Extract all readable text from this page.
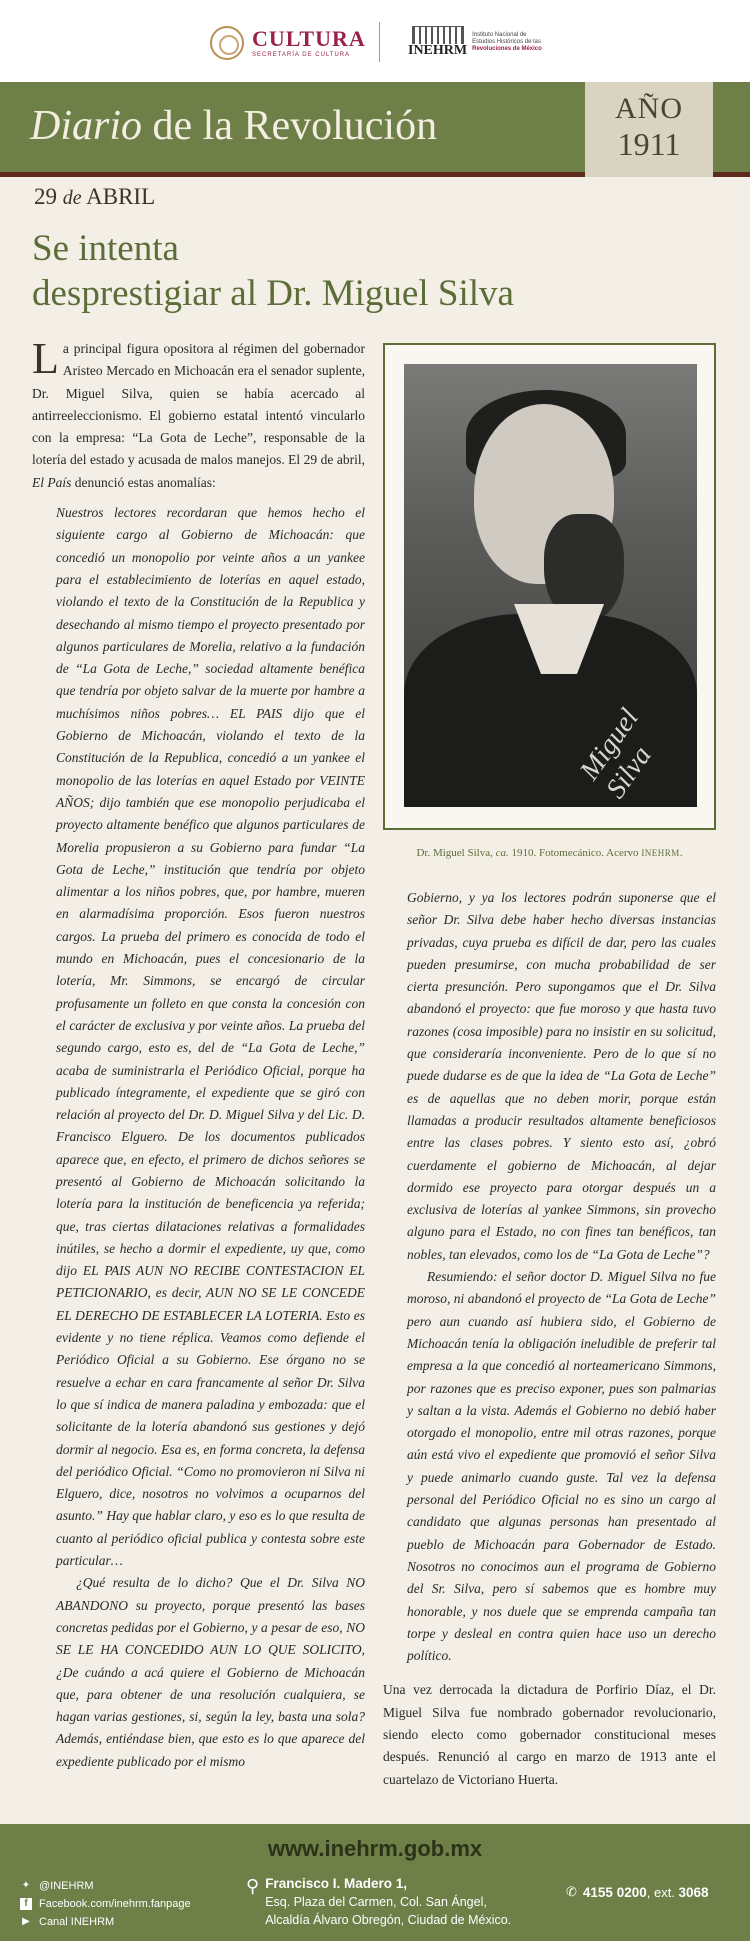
CULTURA
SECRETARÍA DE CULTURA	INEHRM
Instituto Nacional de
Estudios Históricos de las
Revoluciones de México
Diario de la Revolución	AÑO
1911
29 de ABRIL
Se intenta
desprestigiar al Dr. Miguel Silva

La principal figura opositora al régimen del gobernador Aristeo Mercado en Michoacán era el senador suplente, Dr. Miguel Silva, quien se había acercado al antirreeleccionismo. El gobierno estatal intentó vincularlo con la empresa: “La Gota de Leche”, responsable de la lotería del estado y acusada de malos manejos. El 29 de abril, El País denunció estas anomalías:

Nuestros lectores recordaran que hemos hecho el siguiente cargo al Gobierno de Michoacán: que concedió un monopolio por veinte años a un yankee para el establecimiento de loterías en aquel estado, violando el texto de la Constitución de la Republica y desechando al mismo tiempo el proyecto presentado por algunos particulares de Morelia, relativo a la fundación de “La Gota de Leche,” sociedad altamente benéfica que tendría por objeto salvar de la muerte por hambre a muchísimos niños pobres… EL PAIS dijo que el Gobierno de Michoacán, violando el texto de la Constitución de la Republica, concedió a un yankee el monopolio de las loterías en aquel Estado por VEINTE AÑOS; dijo también que ese monopolio perjudicaba el proyecto altamente benéfico que algunos particulares de Morelia propusieron a su Gobierno para fundar “La Gota de Leche,” institución que tendría por objeto alimentar a los niños pobres, que, por hambre, mueren en alarmadísima proporción. Esos fueron nuestros cargos. La prueba del primero es conocida de todo el mundo en Michoacán, pues el concesionario de la lotería, Mr. Simmons, se encargó de circular profusamente un folleto en que consta la concesión con el carácter de exclusiva y por veinte años. La prueba del segundo cargo, esto es, del de “La Gota de Leche,” acaba de suministrarla el Periódico Oficial, porque ha publicado íntegramente, el expediente que se giró con relación al proyecto del Dr. D. Miguel Silva y del Lic. D. Francisco Elguero. De los documentos publicados aparece que, en efecto, el primero de dichos señores se presentó al Gobierno de Michoacán solicitando la lotería para la institución de beneficencia ya referida; que, tras ciertas dilataciones relativas a formalidades inútiles, se hecho a dormir el expediente, uy que, como dijo EL PAIS AUN NO RECIBE CONTESTACION EL PETICIONARIO, es decir, AUN NO SE LE CONCEDE EL DERECHO DE ESTABLECER LA LOTERIA. Esto es evidente y no tiene réplica. Veamos como defiende el Periódico Oficial a su Gobierno. Ese órgano no se resuelve a echar en cara francamente al señor Dr. Silva lo que sí indica de manera paladina y embozada: que el solicitante de la lotería abandonó sus gestiones y dejó dormir al negocio. Esa es, en forma concreta, la defensa del periódico Oficial. “Como no promovieron ni Silva ni Elguero, dice, nosotros no volvimos a ocuparnos del asunto.” Hay que hablar claro, y eso es lo que resulta de cuanto al periódico oficial publica y contesta sobre este particular…

¿Qué resulta de lo dicho? Que el Dr. Silva NO ABANDONO su proyecto, porque presentó las bases concretas pedidas por el Gobierno, y a pesar de eso, NO SE LE HA CONCEDIDO AUN LO QUE SOLICITO, ¿De cuándo a acá quiere el Gobierno de Michoacán que, para obtener de una resolución cualquiera, se hagan varias gestiones, si, según la ley, basta una sola? Además, entiéndase bien, que esto es lo que aparece del expediente publicado por el mismo

Miguel Silva
Dr. Miguel Silva, ca. 1910. Fotomecánico. Acervo INEHRM.

Gobierno, y ya los lectores podrán suponerse que el señor Dr. Silva debe haber hecho diversas instancias privadas, cuya prueba es difícil de dar, pero las cuales pueden presumirse, con mucha probabilidad de ser cierta presunción. Pero supongamos que el Dr. Silva abandonó el proyecto: que fue moroso y que hasta tuvo razones (cosa imposible) para no insistir en su solicitud, que consideraría inconveniente. Pero de lo que sí no puede dudarse es de que la idea de “La Gota de Leche” es de aquellas que no deben morir, porque están llamadas a producir resultados altamente beneficiosos entre las clases pobres. Y siento esto así, ¿obró cuerdamente el gobierno de Michoacán, al dejar dormido ese proyecto para otorgar después un a exclusiva de loterías al yankee Simmons, sin provecho alguno para el Estado, no con fines tan benéficos, tan nobles, tan elevados, como los de “La Gota de Leche”?

Resumiendo: el señor doctor D. Miguel Silva no fue moroso, ni abandonó el proyecto de “La Gota de Leche” pero aun cuando así hubiera sido, el Gobierno de Michoacán tenía la obligación ineludible de preferir tal empresa a la que concedió al norteamericano Simmons, por razones que es preciso exponer, pues son palmarias y saltan a la vista. Además el Gobierno no debió haber otorgado el monopolio, entre mil otras razones, porque aún está vivo el expediente que promovió el señor Silva y puede animarlo cuando guste. Tal vez la defensa personal del Periódico Oficial no es sino un cargo al candidato que algunas personas han presentado al pueblo de Michoacán para Gobernador de Estado. Nosotros no conocimos aun el programa de Gobierno del Sr. Silva, pero sí sabemos que es hombre muy honorable, y nos duele que se emprenda campaña tan torpe y desleal en contra quien hace uso un derecho político.

Una vez derrocada la dictadura de Porfirio Díaz, el Dr. Miguel Silva fue nombrado gobernador revolucionario, siendo electo como gobernador constitucional meses después. Renunció al cargo en marzo de 1913 ante el cuartelazo de Victoriano Huerta.

www.inehrm.gob.mx
✦ @INEHRM
f	Facebook.com/inehrm.fanpage
▶ Canal INEHRM
⚲ Francisco I. Madero 1,
Esq. Plaza del Carmen, Col. San Ángel,
Alcaldía Álvaro Obregón, Ciudad de México.
✆ 4155 0200, ext. 3068
